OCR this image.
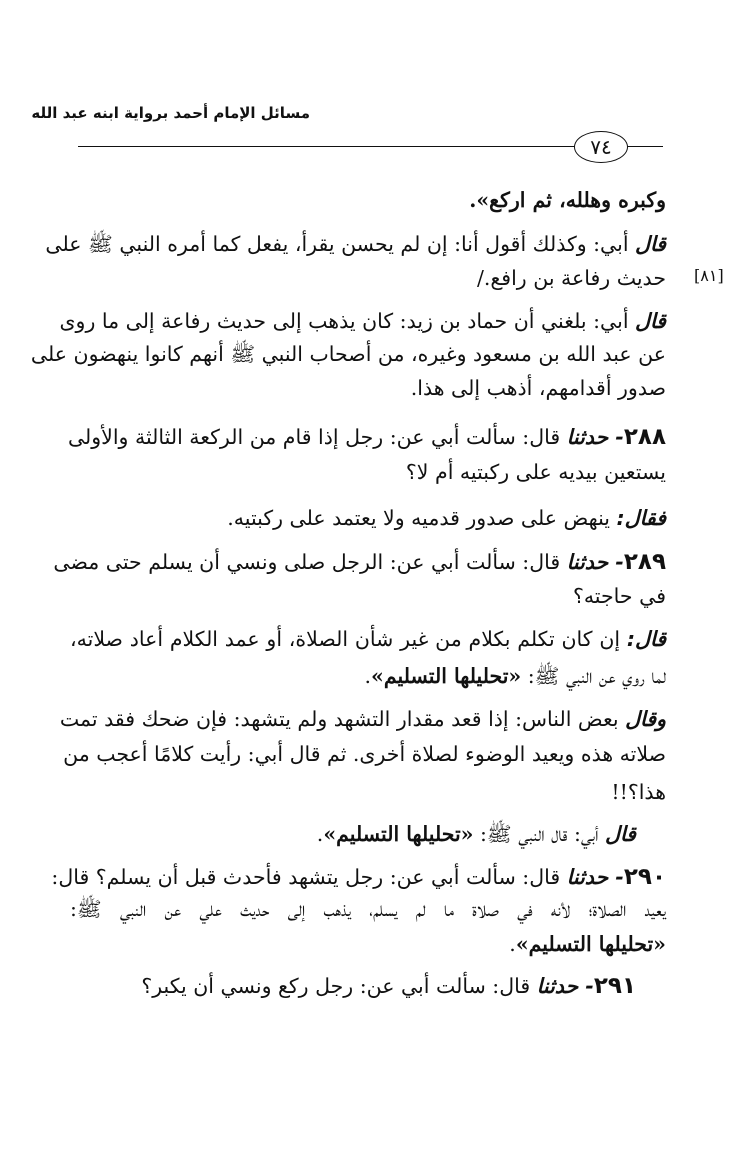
مسائل الإمام أحمد برواية ابنه عبد الله
٧٤
[٨١]
وكبره وهلله، ثم اركع».
قال أبي: وكذلك أقول أنا: إن لم يحسن يقرأ، يفعل كما أمره النبي ﷺ على
حديث رفاعة بن رافع./
قال أبي: بلغني أن حماد بن زيد: كان يذهب إلى حديث رفاعة إلى ما روى
عن عبد الله بن مسعود وغيره، من أصحاب النبي ﷺ أنهم كانوا ينهضون على
صدور أقدامهم، أذهب إلى هذا.
٢٨٨- حدثنا قال: سألت أبي عن: رجل إذا قام من الركعة الثالثة والأولى
يستعين بيديه على ركبتيه أم لا؟
فقال: ينهض على صدور قدميه ولا يعتمد على ركبتيه.
٢٨٩- حدثنا قال: سألت أبي عن: الرجل صلى ونسي أن يسلم حتى مضى
في حاجته؟
قال: إن كان تكلم بكلام من غير شأن الصلاة، أو عمد الكلام أعاد صلاته،
لما روي عن النبي ﷺ: «تحليلها التسليم».
وقال بعض الناس: إذا قعد مقدار التشهد ولم يتشهد: فإن ضحك فقد تمت
صلاته هذه ويعيد الوضوء لصلاة أخرى. ثم قال أبي: رأيت كلامًا أعجب من
هذا؟!!
قال أبي: قال النبي ﷺ: «تحليلها التسليم».
٢٩٠- حدثنا قال: سألت أبي عن: رجل يتشهد فأحدث قبل أن يسلم؟ قال:
يعيد الصلاة؛ لأنه في صلاة ما لم يسلم، يذهب إلى حديث علي عن النبي ﷺ:
«تحليلها التسليم».
٢٩١- حدثنا قال: سألت أبي عن: رجل ركع ونسي أن يكبر؟
